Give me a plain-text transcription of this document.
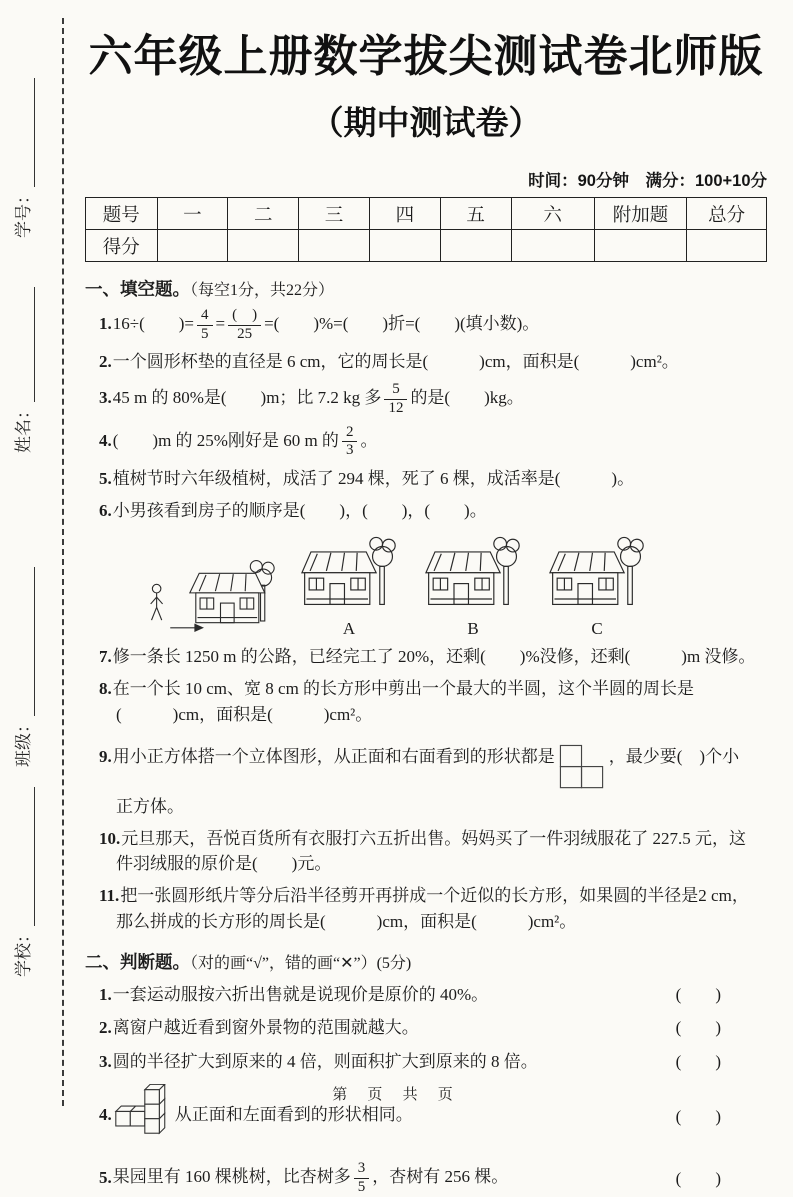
学号：
姓名：
班级：
学校：
六年级上册数学拔尖测试卷北师版
（期中测试卷）
时间：90分钟　满分：100+10分
题号	一	二	三	四	五	六	附加题	总分
得分								
一、填空题。（每空1分，共22分）
1.16÷(　　)= $\frac{4}{5} = \frac{( )}{25}$ =(　　)%=(　　)折=(　　)(填小数)。
2.一个圆形杯垫的直径是 6 cm，它的周长是(　　　)cm，面积是(　　　)cm²。
3.45 m 的 80%是(　　)m；比 7.2 kg 多 $\frac{5}{12}$ 的是(　　)kg。
4.(　　)m 的 25%刚好是 60 m 的 $\frac{2}{3}$ 。
5.植树节时六年级植树，成活了 294 棵，死了 6 棵，成活率是(　　　)。
6.小男孩看到房子的顺序是(　　)，(　　)，(　　)。
A	B	C
7.修一条长 1250 m 的公路，已经完工了 20%，还剩(　　)%没修，还剩(　　　)m 没修。
8.在一个长 10 cm、宽 8 cm 的长方形中剪出一个最大的半圆，这个半圆的周长是
(　　　)cm，面积是(　　　)cm²。
9.用小正方体搭一个立体图形，从正面和右面看到的形状都是	，最少要(　)个小
正方体。
10.元旦那天，吾悦百货所有衣服打六五折出售。妈妈买了一件羽绒服花了 227.5 元，这
件羽绒服的原价是(　　)元。
11.把一张圆形纸片等分后沿半径剪开再拼成一个近似的长方形，如果圆的半径是2 cm，
那么拼成的长方形的周长是(　　　)cm，面积是(　　　)cm²。
二、判断题。（对的画“√”，错的画“✕”）(5分)
1.一套运动服按六折出售就是说现价是原价的 40%。	(　　)
2.离窗户越近看到窗外景物的范围就越大。	(　　)
3.圆的半径扩大到原来的 4 倍，则面积扩大到原来的 8 倍。	(　　)
4.	从正面和左面看到的形状相同。	(　　)
5.果园里有 160 棵桃树，比杏树多 $\frac{3}{5}$ ，杏树有 256 棵。	(　　)
第 页 共 页
